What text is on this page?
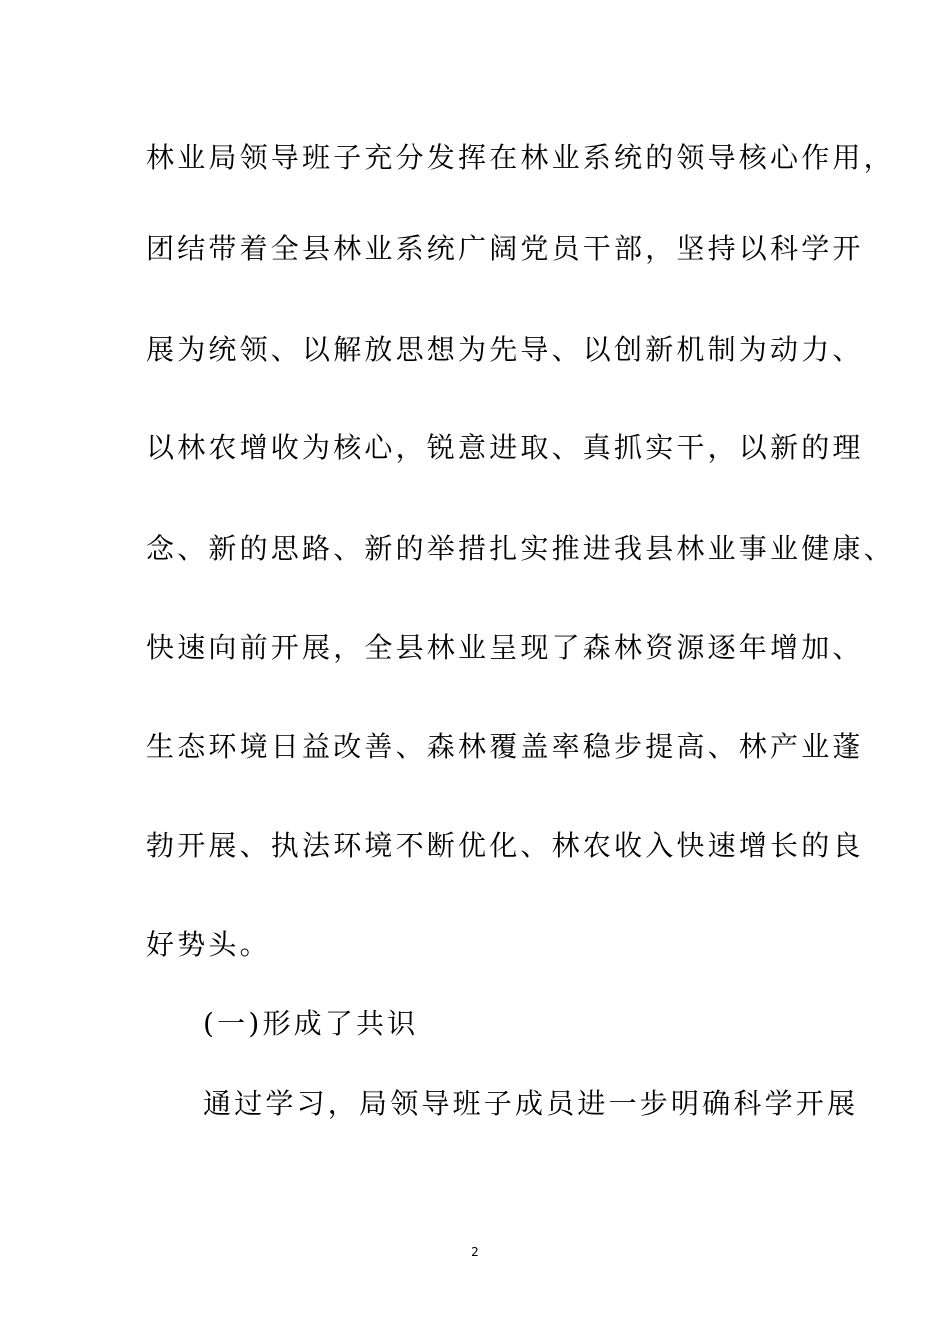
林业局领导班子充分发挥在林业系统的领导核心作用，
团结带着全县林业系统广阔党员干部，坚持以科学开
展为统领、以解放思想为先导、以创新机制为动力、
以林农增收为核心，锐意进取、真抓实干，以新的理
念、新的思路、新的举措扎实推进我县林业事业健康、
快速向前开展，全县林业呈现了森林资源逐年增加、
生态环境日益改善、森林覆盖率稳步提高、林产业蓬
勃开展、执法环境不断优化、林农收入快速增长的良
好势头。
(一)形成了共识
通过学习，局领导班子成员进一步明确科学开展
2
